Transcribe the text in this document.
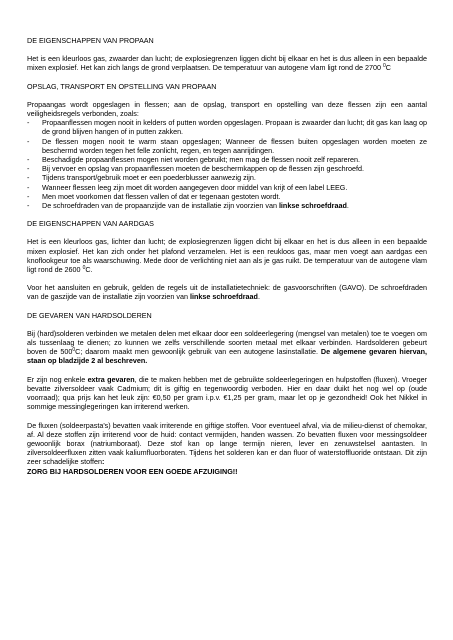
DE EIGENSCHAPPEN VAN PROPAAN
Het is een kleurloos gas, zwaarder dan lucht; de explosiegrenzen liggen dicht bij elkaar en het is dus alleen in een bepaalde mixen explosief. Het kan zich langs de grond verplaatsen. De temperatuur van autogene vlam ligt rond de 2700 $^0$C
OPSLAG, TRANSPORT EN OPSTELLING VAN PROPAAN
Propaangas wordt opgeslagen in flessen; aan de opslag, transport en opstelling van deze flessen zijn een aantal veiligheidsregels verbonden, zoals:
- Propaanflessen mogen nooit in kelders of putten worden opgeslagen. Propaan is zwaarder dan lucht; dit gas kan laag op de grond blijven hangen of in putten zakken.
- De flessen mogen nooit te warm staan opgeslagen; Wanneer de flessen buiten opgeslagen worden moeten ze beschermd worden tegen het felle zonlicht, regen, en tegen aanrijdingen.
- Beschadigde propaanflessen mogen niet worden gebruikt; men mag de flessen nooit zelf repareren.
- Bij vervoer en opslag van propaanflessen moeten de beschermkappen op de flessen zijn geschroefd.
- Tijdens transport/gebruik moet er een poederblusser aanwezig zijn.
- Wanneer flessen leeg zijn moet dit worden aangegeven door middel van krijt of een label LEEG.
- Men moet voorkomen dat flessen vallen of dat er tegenaan gestoten wordt.
- De schroefdraden van de propaanzijde van de installatie zijn voorzien van linkse schroefdraad.
DE EIGENSCHAPPEN VAN AARDGAS
Het is een kleurloos gas, lichter dan lucht; de explosiegrenzen liggen dicht bij elkaar en het is dus alleen in een bepaalde mixen explosief. Het kan zich onder het plafond verzamelen. Het is een reukloos gas, maar men voegt aan aardgas een knoflookgeur toe als waarschuwing. Mede door de verlichting niet aan als je gas ruikt. De temperatuur van de autogene vlam ligt rond de 2600 $^0$C.
Voor het aansluiten en gebruik, gelden de regels uit de installatietechniek: de gasvoorschriften (GAVO). De schroefdraden van de gaszijde van de installatie zijn voorzien van linkse schroefdraad.
DE GEVAREN VAN HARDSOLDEREN
Bij (hard)solderen verbinden we metalen delen met elkaar door een soldeerlegering (mengsel van metalen) toe te voegen om als tussenlaag te dienen; zo kunnen we zelfs verschillende soorten metaal met elkaar verbinden. Hardsolderen gebeurt boven de $500^0C$; daarom maakt men gewoonlijk gebruik van een autogene lasinstallatie. De algemene gevaren hiervan, staan op bladzijde 2 al beschreven.
Er zijn nog enkele extra gevaren, die te maken hebben met de gebruikte soldeerlegeringen en hulpstoffen (fluxen). Vroeger bevatte zilversoldeer vaak Cadmium; dit is giftig en tegenwoordig verboden. Hier en daar duikt het nog wel op (oude voorraad); qua prijs kan het leuk zijn: €0,50 per gram i.p.v. €1,25 per gram, maar let op je gezondheid! Ook het Nikkel in sommige messinglegeringen kan irriterend werken.
De fluxen (soldeerpasta's) bevatten vaak irriterende en giftige stoffen. Voor eventueel afval, via de milieu-dienst of chemokar, af. Al deze stoffen zijn irriterend voor de huid: contact vermijden, handen wassen. Zo bevatten fluxen voor messingsoldeer gewoonlijk borax (natriumboraat). Deze stof kan op lange termijn nieren, lever en zenuwstelsel aantasten. In zilversoldeerfluxen zitten vaak kaliumfluorboraten. Tijdens het solderen kan er dan fluor of waterstoffluoride ontstaan. Dit zijn zeer schadelijke stoffen:
ZORG BIJ HARDSOLDEREN VOOR EEN GOEDE AFZUIGING!!
